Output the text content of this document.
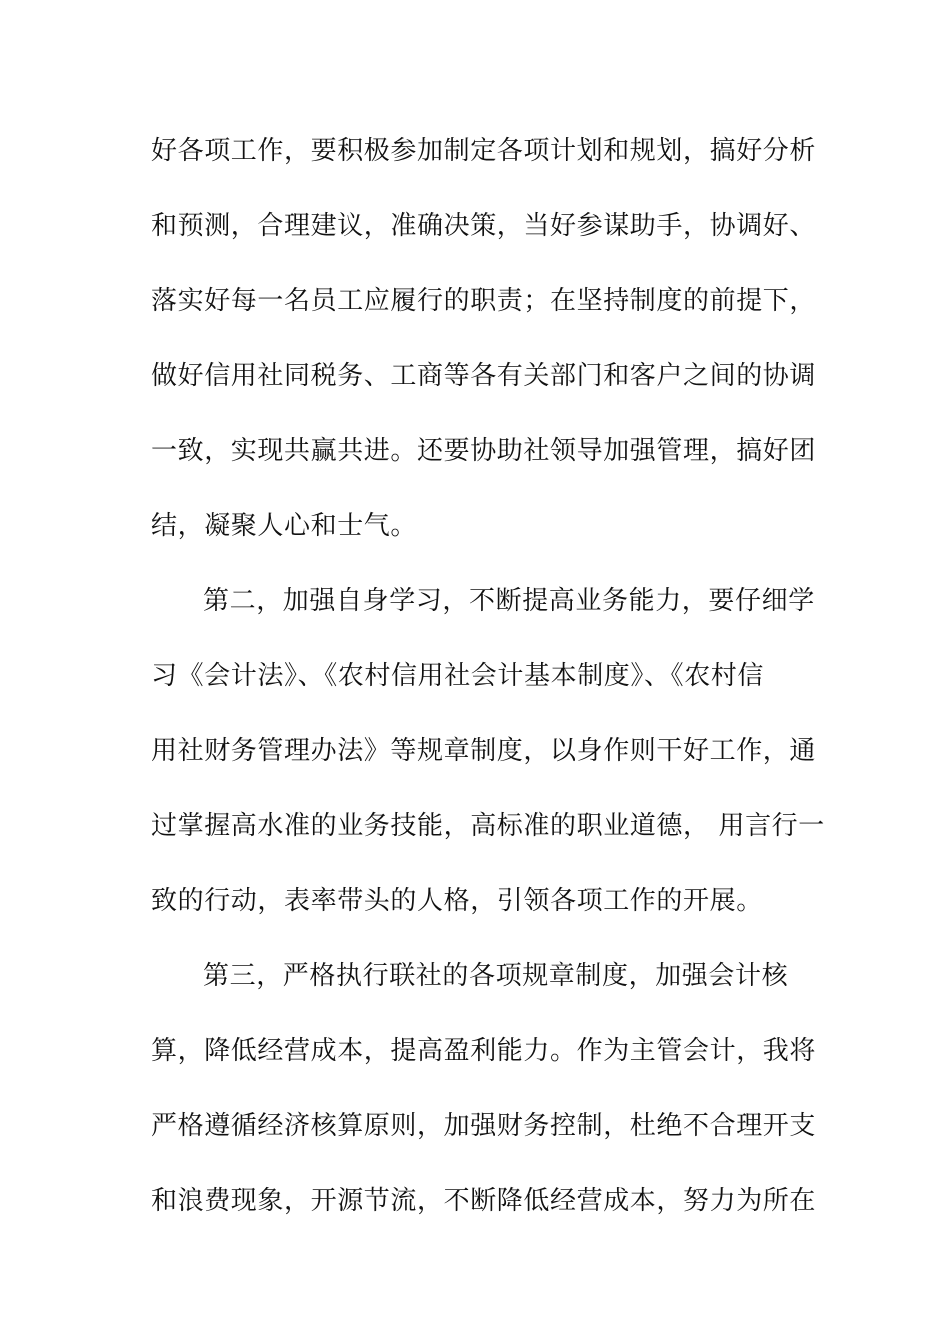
好各项工作，要积极参加制定各项计划和规划，搞好分析
和预测，合理建议，准确决策，当好参谋助手，协调好、
落实好每一名员工应履行的职责；在坚持制度的前提下，
做好信用社同税务、工商等各有关部门和客户之间的协调
一致，实现共赢共进。还要协助社领导加强管理，搞好团
结，凝聚人心和士气。
第二，加强自身学习，不断提高业务能力，要仔细学
习《会计法》、《农村信用社会计基本制度》、《农村信
用社财务管理办法》等规章制度，以身作则干好工作，通
过掌握高水准的业务技能，高标准的职业道德， 用言行一
致的行动，表率带头的人格，引领各项工作的开展。
第三，严格执行联社的各项规章制度，加强会计核
算，降低经营成本，提高盈利能力。作为主管会计，我将
严格遵循经济核算原则，加强财务控制，杜绝不合理开支
和浪费现象，开源节流，不断降低经营成本，努力为所在
